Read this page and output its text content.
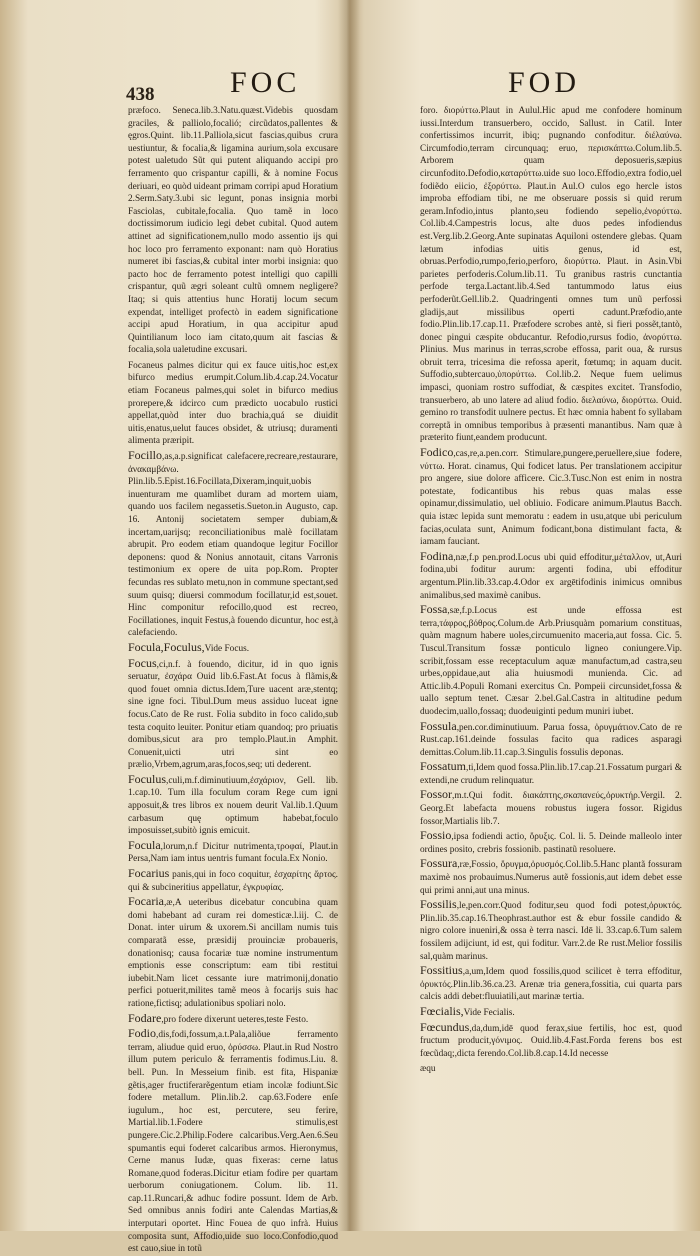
438	FOC	FOD

præfoco. Seneca.lib.3.Natu.quæst.Videbis quosdam graciles, & palliolo,focalió; circũdatos,pallentes & ęgros.Quint. lib.11.Palliola,sicut fascias,quibus crura uestiuntur, & focalia,& ligamina aurium,sola excusare potest ualetudo Sũt qui putent aliquando accipi pro ferramento quo crispantur capilli, & à nomine Focus deriuari, eo quòd uideant primam corripi apud Horatium 2.Serm.Saty.3.ubi sic legunt, ponas insignia morbi Fasciolas, cubitale,focalia. Quo tamẽ in loco doctissimorum iudicio legi debet cubital. Quod autem attinet ad significationem,nullo modo assentio ijs qui hoc loco pro ferramento exponant: nam quò Horatius numeret ibi fascias,& cubital inter morbi insignia: quo pacto hoc de ferramento potest intelligi quo capilli crispantur, quũ ægri soleant cultũ omnem negligere?Itaq; si quis attentius hunc Horatij locum secum expendat, intelliget profectò in eadem significatione accipi apud Horatium, in qua accipitur apud Quintilianum loco iam citato,quum ait fascias & focalia,sola ualetudine excusari.

Focaneus palmes dicitur qui ex fauce uitis,hoc est,ex bifurco medius erumpit.Colum.lib.4.cap.24.Vocatur etiam Focaneus palmes,qui solet in bifurco medius prorepere,& idcirco cum prædicto uocabulo rustici appellat,quòd inter duo brachia,quá se diuidit uitis,enatus,uelut fauces obsidet, & utriusq; duramenti alimenta præripit.

Focillo,as,a.p.significat calefacere,recreare,restaurare, ἀνακαμβάνω. Plin.lib.5.Epist.16.Focillata,Dixeram,inquit,uobis inuenturam me quamlibet duram ad mortem uiam, quando uos facilem negassetis.Sueton.in Augusto, cap. 16. Antonij societatem semper dubiam,& incertam,uarijsq; reconciliationibus malè focillatam abrupit. Pro eodem etiam quandoque legitur Focillor deponens: quod & Nonius annotauit, citans Varronis testimonium ex opere de uita pop.Rom. Propter fecundas res sublato metu,non in commune spectant,sed suum quisq; diuersi commodum focillatur,id est,souet. Hinc componitur refocillo,quod est recreo, Focillationes, inquit Festus,à fouendo dicuntur, hoc est,à calefaciendo.

Focula,Foculus,Vide Focus.

Focus,ci,n.f. à fouendo, dicitur, id in quo ignis seruatur, ἐσχάρα Ouid lib.6.Fast.At focus à flãmis,& quod fouet omnia dictus.Idem,Ture uacent aræ,stentq; sine igne foci. Tibul.Dum meus assiduo luceat igne focus.Cato de Re rust. Folia subdito in foco calido,sub testa coquito leuiter. Ponitur etiam quandoq; pro priuatis domibus,sicut ara pro templo.Plaut.in Amphit. Conuenit,uicti utri sint eo prælio,Vrbem,agrum,aras,focos,seq; uti dederent.

Foculus,culi,m.f.diminutiuum,ἐσχάριον, Gell. lib. 1.cap.10. Tum illa foculum coram Rege cum igni apposuit,& tres libros ex nouem deurit Val.lib.1.Quum carbasum quę optimum habebat,foculo imposuisset,subitò ignis emicuit.

Focula,lorum,n.f Dicitur nutrimenta,τροφαί, Plaut.in Persa,Nam iam intus uentris fumant focula.Ex Nonio.

Focarius panis,qui in foco coquitur, ἐσχαρίτης ἄρτος. qui & subcineritius appellatur, ἐγκρυφίας.

Focaria,æ,A ueteribus dicebatur concubina quam domi habebant ad curam rei domesticæ.l.iij. C. de Donat. inter uirum & uxorem.Si ancillam numis tuis comparatã esse, præsidij prouinciæ probaueris, donationisq; causa focariæ tuæ nomine instrumentum emptionis esse conscriptum: eam tibi restitui iubebit.Nam licet cessante iure matrimonij,donatio perfici potuerit,milites tamẽ meos à focarijs suis hac ratione,fictisq; adulationibus spoliari nolo.

Fodare,pro fodere dixerunt ueteres,teste Festo.

Fodio,dis,fodi,fossum,a.t.Pala,aliõue ferramento terram, aliudue quid eruo, ὀρύσσω. Plaut.in Rud Nostro illum putem periculo & ferramentis fodimus.Liu. 8. bell. Pun. In Messeium finib. est fita, Hispaniæ gẽtis,ager fructiferarẽgentum etiam incolæ fodiunt.Sic fodere metallum. Plin.lib.2. cap.63.Fodere enſe iugulum., hoc est, percutere, seu ferire, Martial.lib.1.Fodere stimulis,est pungere.Cic.2.Philip.Fodere calcaribus.Verg.Aen.6.Seu spumantis equi foderet calcaribus armos. Hieronymus, Cerne manus Iudæ, quas fixeras: cerne latus Romane,quod foderas.Dicitur etiam fodire per quartam uerborum coniugationem. Colum. lib. 11. cap.11.Runcari,& adhuc fodire possunt. Idem de Arb. Sed omnibus annis fodiri ante Calendas Martias,& interputari oportet. Hinc Fouea de quo infrà. Huius composita sunt, Affodio,uide suo loco.Confodio,quod est cauo,siue in totũ

foro. διορύττω.Plaut in Aulul.Hic apud me confodere hominum iussi.Interdum transuerbero, occido, Sallust. in Catil. Inter confertissimos incurrit, ibiq; pugnando confoditur. διέλαύνω. Circumfodio,terram circunquaq; eruo, περισκάπτω.Colum.lib.5. Arborem quam deposueris,sæpius circunfodito.Defodio,καταρύττω.uide suo loco.Effodio,extra fodio,uel fodiẽdo eiicio, ἐξορύττω. Plaut.in Aul.O culos ego hercle istos improba effodiam tibi, ne me obseruare possis si quid rerum geram.Infodio,intus planto,seu fodiendo sepelio,ἐνορύττω. Col.lib.4.Campestris locus, alte duos pedes infodiendus est.Verg.lib.2.Georg.Ante supinatas Aquiloni ostendere glebas. Quam lætum infodias uitis genus, id est, obruas.Perfodio,rumpo,ferio,perforo, διορύττω. Plaut. in Asin.Vbi parietes perfoderis.Colum.lib.11. Tu granibus rastris cunctantia perfode terga.Lactant.lib.4.Sed tantummodo latus eius perfoderũt.Gell.lib.2. Quadringenti omnes tum unũ perfossi gladijs,aut missilibus operti cadunt.Præfodio,ante fodio.Plin.lib.17.cap.11. Præfodere scrobes antè, si fieri possẽt,tantò, donec pingui cæspite obducantur. Refodio,rursus fodio, ἀνορύττω. Plinius. Mus marinus in terras,scrobe effossa, parit oua, & rursus obruit terra, tricesima die refossa aperit, fœtumq; in aquam ducit. Suffodio,subtercauo,ὑπορύττω. Col.lib.2. Neque fuem uelimus impasci, quoniam rostro suffodiat, & cæspites excitet. Transfodio, transuerbero, ab uno latere ad aliud fodio. διελαύνω, διορύττω. Ouid. gemino ro transfodit uulnere pectus. Et hæc omnia habent fo syllabam correptã in omnibus temporibus à præsenti manantibus. Nam quæ à præterito fiunt,eandem producunt.

Fodico,cas,re,a.pen.corr. Stimulare,pungere,peruellere,siue fodere, νύττω. Horat. cinamus, Qui fodicet latus. Per translationem accipitur pro angere, siue dolore afficere. Cic.3.Tusc.Non est enim in nostra potestate, fodicantibus his rebus quas malas esse opinamur,dissimulatio, uel obliuio. Fodicare animum.Plautus Bacch. quia istæc lepida sunt memoratu : eadem in usu,atque ubi periculum facias,oculata sunt, Animum fodicant,bona distimulant facta, & iamam fauciant.

Fodina,næ,f.p pen.prod.Locus ubi quid effoditur,μέταλλον, ut,Auri fodina,ubi foditur aurum: argenti fodina, ubi effoditur argentum.Plin.lib.33.cap.4.Odor ex argētifodinis inimicus omnibus animalibus,sed maximè canibus.

Fossa,sæ,f.p.Locus est unde effossa est terra,τάφρος,βόθρος.Colum.de Arb.Priusquàm pomarium constituas, quàm magnum habere uoles,circumuenito maceria,aut fossa. Cic. 5. Tuscul.Transitum fossæ ponticulo ligneo coniungere.Vip. scribit,fossam esse receptaculum aquæ manufactum,ad castra,seu urbes,oppidaue,aut alia huiusmodi munienda. Cic. ad Attic.lib.4.Populi Romani exercitus Cn. Pompeii circunsidet,fossa & uallo septum tenet. Cæsar 2.bel.Gal.Castra in altitudine pedum duodecim,uallo,fossaq; duodeuiginti pedum muniri iubet.

Fossula,pen.cor.diminutiuum. Parua fossa, ὀρυγμάτιον.Cato de re Rust.cap.161.deinde fossulas facito qua radices asparagi demittas.Colum.lib.11.cap.3.Singulis fossulis deponas.

Fossatum,ti,Idem quod fossa.Plin.lib.17.cap.21.Fossatum purgari & extendi,ne crudum relinquatur.

Fossor,m.t.Qui fodit. διακάπτης,σκαπανεύς,ὀρυκτήρ.Vergil. 2. Georg.Et labefacta mouens robustus iugera fossor. Rigidus fossor,Martialis lib.7.

Fossio,ipsa fodiendi actio, ὄρυξις. Col. li. 5. Deinde malleolo inter ordines posito, crebris fossionib. pastinatũ resoluere.

Fossura,ræ,Fossio, ὄρυγμα,ὀρυσμός.Col.lib.5.Hanc plantã fossuram maximè nos probauimus.Numerus autẽ fossionis,aut idem debet esse qui primi anni,aut una minus.

Fossilis,le,pen.corr.Quod foditur,seu quod fodi potest,ὀρυκτός. Plin.lib.35.cap.16.Theophrast.author est & ebur fossile candido & nigro colore inueniri,& ossa è terra nasci. Idē li. 33.cap.6.Tum salem fossilem adijciunt, id est, qui foditur. Varr.2.de Re rust.Melior fossilis sal,quàm marinus.

Fossitius,a,um,Idem quod fossilis,quod scilicet è terra effoditur, ὀρυκτός.Plin.lib.36.ca.23. Arenæ tria genera,fossitia, cui quarta pars calcis addi debet:fluuiatili,aut marinæ tertia.

Fœcialis,Vide Fecialis.

Fœcundus,da,dum,idē quod ferax,siue fertilis, hoc est, quod fructum producit,γόνιμος. Ouid.lib.4.Fast.Forda ferens bos est fœcũdaq;,dicta ferendo.Col.lib.8.cap.14.Id necesse

æqu
